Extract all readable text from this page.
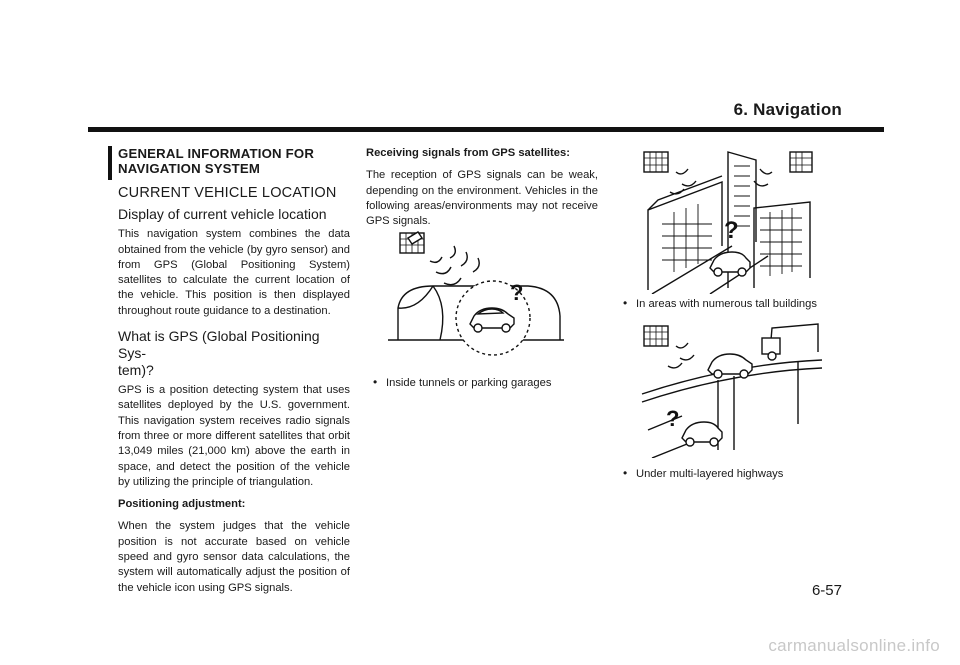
6. Navigation
GENERAL INFORMATION FOR
NAVIGATION SYSTEM
CURRENT VEHICLE LOCATION
Display of current vehicle location

This navigation system combines the data obtained from the vehicle (by gyro sensor) and from GPS (Global Positioning System) satellites to calculate the current location of the vehicle. This position is then displayed throughout route guidance to a destination.

What is GPS (Global Positioning Sys-
tem)?

GPS is a position detecting system that uses satellites deployed by the U.S. government. This navigation system receives radio signals from three or more different satellites that orbit 13,049 miles (21,000 km) above the earth in space, and detect the position of the vehicle by utilizing the principle of triangulation.

Positioning adjustment:

When the system judges that the vehicle position is not accurate based on vehicle speed and gyro sensor data calculations, the system will automatically adjust the position of the vehicle icon using GPS signals.

Receiving signals from GPS satellites:

The reception of GPS signals can be weak, depending on the environment. Vehicles in the following areas/environments may not receive GPS signals.

?
• Inside tunnels or parking garages
?
• In areas with numerous tall buildings
?
• Under multi-layered highways
6-57
carmanualsonline.info
